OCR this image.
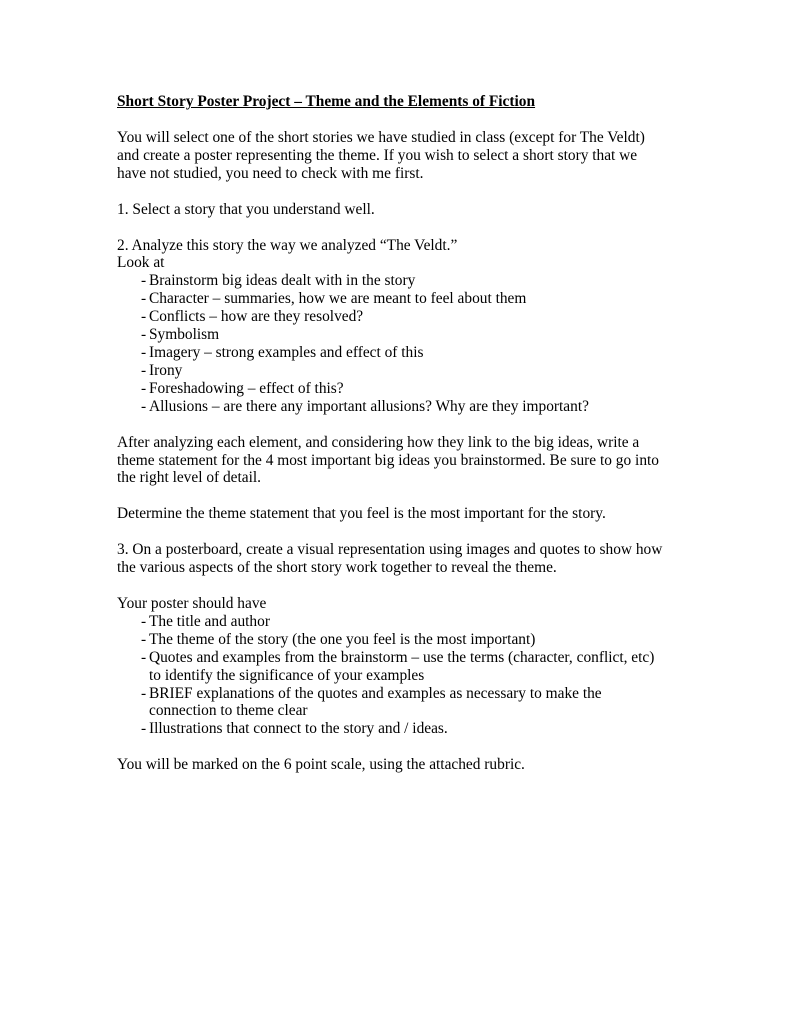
Short Story Poster Project – Theme and the Elements of Fiction

You will select one of the short stories we have studied in class (except for The Veldt)
and create a poster representing the theme. If you wish to select a short story that we
have not studied, you need to check with me first.

1. Select a story that you understand well.

2. Analyze this story the way we analyzed “The Veldt.”
Look at

- Brainstorm big ideas dealt with in the story
- Character – summaries, how we are meant to feel about them
- Conflicts – how are they resolved?
- Symbolism
- Imagery – strong examples and effect of this
- Irony
- Foreshadowing – effect of this?
- Allusions – are there any important allusions? Why are they important?

After analyzing each element, and considering how they link to the big ideas, write a
theme statement for the 4 most important big ideas you brainstormed. Be sure to go into
the right level of detail.

Determine the theme statement that you feel is the most important for the story.

3. On a posterboard, create a visual representation using images and quotes to show how
the various aspects of the short story work together to reveal the theme.

Your poster should have

- The title and author
- The theme of the story (the one you feel is the most important)
- Quotes and examples from the brainstorm – use the terms (character, conflict, etc)
to identify the significance of your examples
- BRIEF explanations of the quotes and examples as necessary to make the
connection to theme clear
- Illustrations that connect to the story and / ideas.

You will be marked on the 6 point scale, using the attached rubric.
